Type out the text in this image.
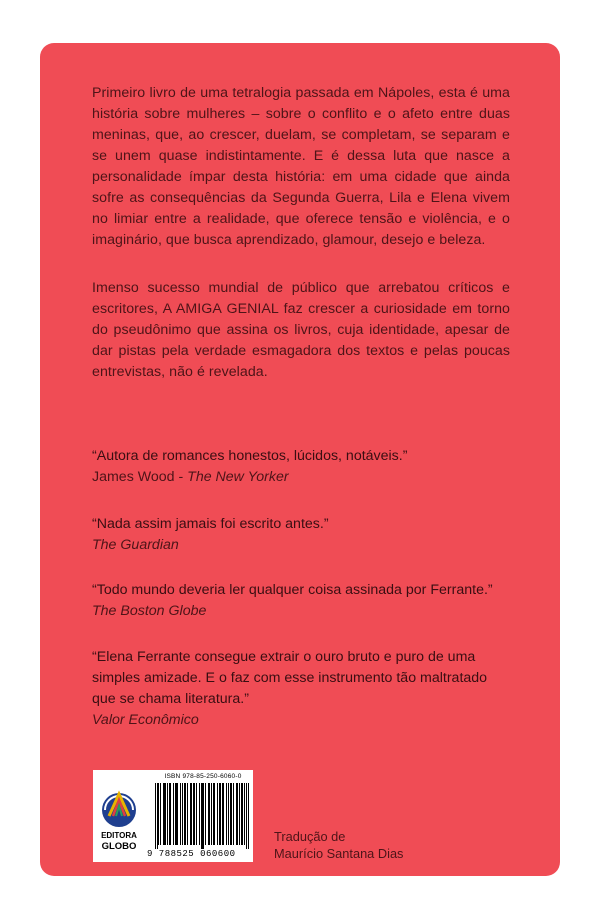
Primeiro livro de uma tetralogia passada em Nápoles, esta é uma história sobre mulheres – sobre o conflito e o afeto entre duas meninas, que, ao crescer, duelam, se completam, se separam e se unem quase indistintamente. E é dessa luta que nasce a personalidade ímpar desta história: em uma cidade que ainda sofre as consequências da Segunda Guerra, Lila e Elena vivem no limiar entre a realidade, que oferece tensão e violência, e o imaginário, que busca aprendizado, glamour, desejo e beleza.

Imenso sucesso mundial de público que arrebatou críticos e escritores, A AMIGA GENIAL faz crescer a curiosidade em torno do pseudônimo que assina os livros, cuja identidade, apesar de dar pistas pela verdade esmagadora dos textos e pelas poucas entrevistas, não é revelada.

“Autora de romances honestos, lúcidos, notáveis.”

James Wood - The New Yorker

“Nada assim jamais foi escrito antes.”

The Guardian

“Todo mundo deveria ler qualquer coisa assinada por Ferrante.”

The Boston Globe

“Elena Ferrante consegue extrair o ouro bruto e puro de uma simples amizade. E o faz com esse instrumento tão maltratado que se chama literatura.”

Valor Econômico

EDITORA
GLOBO
ISBN 978-85-250-6060-0
9 788525 060600

Tradução de
Maurício Santana Dias
